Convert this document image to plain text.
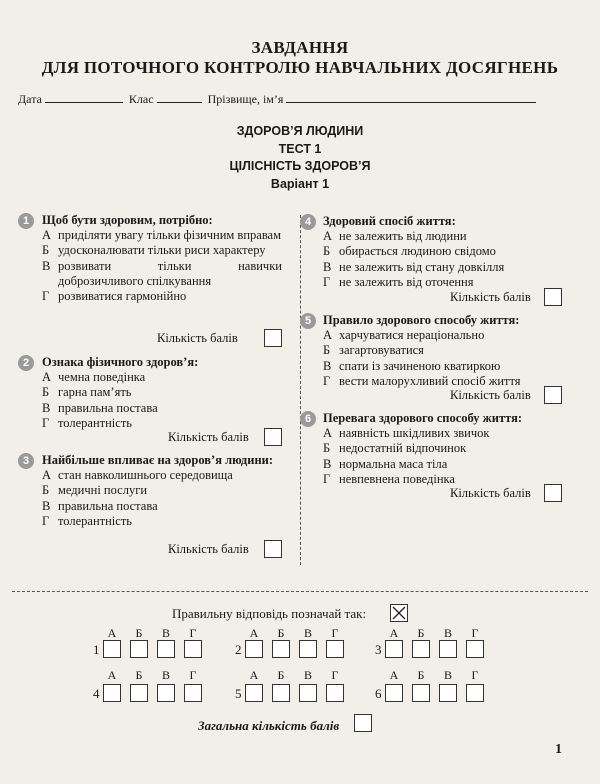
ЗАВДАННЯ
ДЛЯ ПОТОЧНОГО КОНТРОЛЮ НАВЧАЛЬНИХ ДОСЯГНЕНЬ
Дата	Клас	Прізвище, ім’я
ЗДОРОВ’Я ЛЮДИНИ
ТЕСТ 1
ЦІЛІСНІСТЬ ЗДОРОВ’Я
Варіант 1
1	Щоб бути здоровим, потрібно:
А приділяти увагу тільки фізичним вправам
Б удосконалювати тільки риси характеру
В розвивати тільки навички доброзичливого спілкування
Г розвиватися гармонійно
Кількість балів
2	Ознака фізичного здоров’я:
А чемна поведінка
Б гарна пам’ять
В правильна постава
Г толерантність
Кількість балів
3	Найбільше впливає на здоров’я людини:
А стан навколишнього середовища
Б медичні послуги
В правильна постава
Г толерантність
Кількість балів
4 Здоровий спосіб життя:
А не залежить від людини
Б обирається людиною свідомо
В не залежить від стану довкілля
Г не залежить від оточення
Кількість балів
5 Правило здорового способу життя:
А харчуватися нераціонально
Б загартовуватися
В спати із зачиненою кватиркою
Г вести малорухливий спосіб життя
Кількість балів
6 Перевага здорового способу життя:
А наявність шкідливих звичок
Б недостатній відпочинок
В нормальна маса тіла
Г невпевнена поведінка
Кількість балів
Правильну відповідь позначай так:
А	Б	В	Г
1
А	Б	В	Г
2
А	Б	В	Г
3
А	Б	В	Г
4
А	Б	В	Г
5
А	Б	В	Г
6
Загальна кількість балів
1
